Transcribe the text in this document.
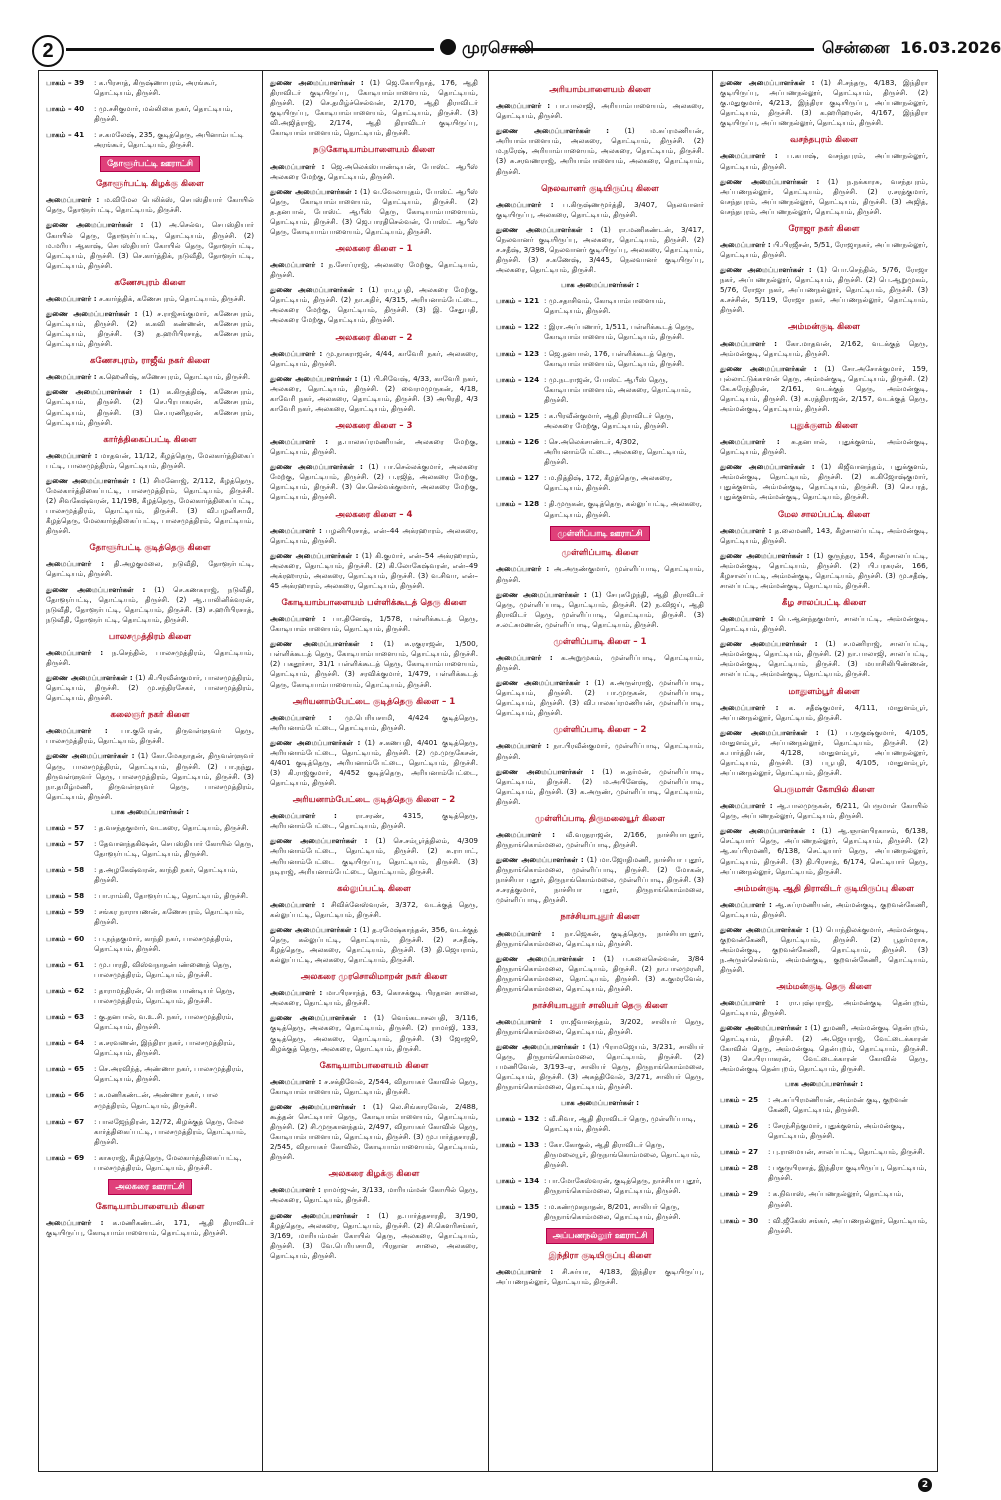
2	முரசொலி	சென்னை 16.03.2026
பாகம் – 39	: க.பிரசாத், கிருஷ்ணாபுரம், அரங்கூர், தொட்டியம், திருச்சி.
பாகம் – 40	: மு.சசிகுமார், மல்லிகை நகர், தொட்டியம், திருச்சி.
பாகம் – 41	: ச.கமலேஷ், 235, குடித்தெரு, அபினாம்பட்டி அரங்கூர், தொட்டியம், திருச்சி.
தோளூர்பட்டி ஊராட்சி
தோளூர்பட்டி கிழக்கு கிளை

அமைப்பாளர் : ம.விமேல பெலிக்ஸ், செபஸ்தியார் கோயில் தெரு, தோளூர்பட்டி, தொட்டியம், திருச்சி.

துணை அமைப்பாளர்கள் : (1) அ.செல்வ, செபஸ்தியார் கோயில் தெரு, தோளூர்ப்பட்டி, தொட்டியம், திருச்சி. (2) ம.மரிய ஆகாஷ், செபஸ்தியார் கோயில் தெரு, தோளூர்பட்டி, தொட்டியம், திருச்சி. (3) செ.கார்த்திக், நடுவீதி, தோளூர்பட்டி, தொட்டியம், திருச்சி.

கணேசபுரம் கிளை

அமைப்பாளர் : ச.கார்த்திக், கணேசபுரம், தொட்டியம், திருச்சி.

துணை அமைப்பாளர்கள் : (1) ச.ராஜ்சங்குமார், கணேசபுரம், தொட்டியம், திருச்சி. (2) க.கவி கண்ணன், கணேசபுரம், தொட்டியம், திருச்சி. (3) த.ஹரிபிரசாத், கணேசபுரம், தொட்டியம், திருச்சி.

கணேசபுரம், ராஜீவ் நகர் கிளை

அமைப்பாளர் : க.ஹெனிஷ், கணேசபுரம், தொட்டியம், திருச்சி.

துணை அமைப்பாளர்கள் : (1) க.கிருத்திஷ், கணேசபுரம், தொட்டியம், திருச்சி. (2) செ.பிரபாகரன், கணேசபுரம், தொட்டியம், திருச்சி. (3) செ.பரணிதரன், கணேசபுரம், தொட்டியம், திருச்சி.

கார்த்திகைப்பட்டி கிளை

அமைப்பாளர் : மாதவன், 11/12, கீழத்தெரு, மேலகார்த்திகைப் பட்டி, பாலசமுத்திரம், தொட்டியம், திருச்சி.

துணை அமைப்பாளர்கள் : (1) சிமனோஜ், 2/112, கீழத்தெரு, மேலகார்த்திகைப்பட்டி, பாலசமுத்திரம், தொட்டியம், திருச்சி. (2) சிவகேஷ்வரன், 11/198, கீழத்தெரு, மேலகார்த்திகைப்பட்டி, பாலசமுத்திரம், தொட்டியம், திருச்சி. (3) வி.பழனிசாமி, கீழத்தெரு, மேலகார்த்திகைப்பட்டி, பாலசமுத்திரம், தொட்டியம், திருச்சி.

தோளூர்பட்டி குடித்தெரு கிளை

அமைப்பாளர் : தி.அழகுமலை, நடுவீதி, தோளூர்பட்டி, தொட்டியம், திருச்சி.

துணை அமைப்பாளர்கள் : (1) செ.கணகராஜ், நடுவீதி, தோளூர்பட்டி, தொட்டியம், திருச்சி. (2) ஆ.பாலினிக்வரன், நடுவீதி, தோளூர்பட்டி, தொட்டியம், திருச்சி. (3) ச.ஹரிபிரசாத், நடுவீதி, தோளூர்பட்டி, தொட்டியம், திருச்சி.

பாலசமுத்திரம் கிளை

அமைப்பாளர் : ந.செந்தில், பாலசமுத்திரம், தொட்டியம், திருச்சி.

துணை அமைப்பாளர்கள் : (1) கி.பிரவீன்குமார், பாலசமுத்திரம், தொட்டியம், திருச்சி. (2) மு.சந்திரசேகர், பாலசமுத்திரம், தொட்டியம், திருச்சி.

கலைஞர் நகர் கிளை

அமைப்பாளர் : பா.குபேரன், திருவள்ளுவர் தெரு, பாலசமுத்திரம், தொட்டியம், திருச்சி.

துணை அமைப்பாளர்கள் : (1) கோ.மேகநாதன், திருவள்ளுவர் தெரு, பாலசமுத்திரம், தொட்டியம், திருச்சி. (2) பா.நந்து, திருவள்ளுவர் தெரு, பாலசமுத்திரம், தொட்டியம், திருச்சி. (3) நா.தமிழ்மணி, திருவள்ளுவர் தெரு, பாலசமுத்திரம், தொட்டியம், திருச்சி.

பாக அமைப்பாளர்கள் :
பாகம் – 57	: த.வசந்தகுமார், வடகரை, தொட்டியம், திருச்சி.
பாகம் – 57	: தேவானந்தகிஷன், செபஸ்தியார் கோயில் தெரு, தோளூர்பட்டி, தொட்டியம், திருச்சி.
பாகம் – 58	: த.அழகேஷ்வரன், காந்தி நகர், தொட்டியம், திருச்சி.
பாகம் – 58	: பா.ராம்கி, தோளூர்பட்டி, தொட்டியம், திருச்சி.
பாகம் – 59	: சங்கர நாராயணன், கணேசபுரம், தொட்டியம், திருச்சி.
பாகம் – 60	: ப.நந்தகுமார், காந்தி நகர், பாலசமுத்திரம், தொட்டியம், திருச்சி.
பாகம் – 61	: மு.பாரதி, விஸ்வநாதன்பண்ணைத் தெரு, பாலசமுத்திரம், தொட்டியம், திருச்சி.
பாகம் – 62	: தாராமந்திரன், பொற்கை பாண்டியர் தெரு, பாலசமுத்திரம், தொட்டியம், திருச்சி.
பாகம் – 63	: கு.தனபால், வ.உ.சி. நகர், பாலசமுத்திரம், தொட்டியம், திருச்சி.
பாகம் – 64	: க.சரவணன், இந்திரா நகர், பாலசமுத்திரம், தொட்டியம், திருச்சி.
பாகம் – 65	: செ.அரவிந்த், அண்ணா நகர், பாலசமுத்திரம், தொட்டியம், திருச்சி.
பாகம் – 66	: க.மணிகண்டன், அண்ணா நகர், பால சமுத்திரம், தொட்டியம், திருச்சி.
பாகம் – 67	: பாலஜேந்திரன், 12/72, கிழக்குத் தெரு, மேல கார்த்திகைப்பட்டி, பாலசமுத்திரம், தொட்டியம், திருச்சி.
பாகம் – 69	: காசுராஜ், கீழத்தெரு, மேலகார்த்திகைப்பட்டி, பாலசமுத்திரம், தொட்டியம், திருச்சி.
அலகரை ஊராட்சி
கோடியாம்பாளையம் கிளை

அமைப்பாளர் : க.மணிகண்டன், 171, ஆதி திராவிடர் குடியிருப்பு, கோடியாம்பாளையம், தொட்டியம், திருச்சி.

துணை அமைப்பாளர்கள் : (1) ஜெ.கோபிநாத், 176, ஆதி திராவிடர் குடியிருப்பு, கோடியாம்பாளையம், தொட்டியம், திருச்சி. (2) செ.தமிழ்ச்செல்வன், 2/170, ஆதி திராவிடர் குடியிருப்பு, கோடியாம்பாளையம், தொட்டியம், திருச்சி. (3) வி.அஜித்ராஜ், 2/174, ஆதி திராவிடர் குடியிருப்பு, கோடியாம்பாளையம், தொட்டியம், திருச்சி.

நடுகோடியாம்பாளையம் கிளை

அமைப்பாளர் : ஜெ.அலெக்ஸ்பாண்டியன், போஸ்ட் ஆபீஸ் அலகரை மேற்கு, தொட்டியம், திருச்சி.

துணை அமைப்பாளர்கள் : (1) வ.வேலாயுதம், போஸ்ட் ஆபீஸ் தெரு, கோடியாம்பாளையம், தொட்டியம், திருச்சி. (2) த.தனபால், போஸ்ட் ஆபீஸ் தெரு, கோடியாம்பாளையம், தொட்டியம், திருச்சி. (3) ஜெ.பாரதிசெல்வன், போஸ்ட் ஆபீஸ் தெரு, கோடியாம்பாளையம், தொட்டியம், திருச்சி.

அலகரை கிளை – 1

அமைப்பாளர் : ந.சோப்ராஜ், அலகரை மேற்கு, தொட்டியம், திருச்சி.

துணை அமைப்பாளர்கள் : (1) ரா.பூபதி, அலகரை மேற்கு, தொட்டியம், திருச்சி. (2) நா.கதிர், 4/315, அரியனாம்பேட்டை, அலகரை மேற்கு, தொட்டியம், திருச்சி. (3) இ. சேதுபதி, அலகரை மேற்கு, தொட்டியம், திருச்சி.

அலகரை கிளை – 2

அமைப்பாளர் : மு.நாகராஜன், 4/44, காவேரி நகர், அலகரை, தொட்டியம், திருச்சி.

துணை அமைப்பாளர்கள் : (1) பி.சிவேஷ், 4/33, காவேரி நகர், அலகரை, தொட்டியம், திருச்சி. (2) வைரமமுருகன், 4/18, காவேரி நகர், அலகரை, தொட்டியம், திருச்சி. (3) அபிரதி, 4/3 காவேரி நகர், அலகரை, தொட்டியம், திருச்சி.

அலகரை கிளை – 3

அமைப்பாளர் : த.பாலசுப்ரமணியன், அலகரை மேற்கு, தொட்டியம், திருச்சி.

துணை அமைப்பாளர்கள் : (1) பா.செல்லக்குமார், அலகரை மேற்கு, தொட்டியம், திருச்சி. (2) ப.ரஜித், அலகரை மேற்கு, தொட்டியம், திருச்சி. (3) செ.செல்வக்குமார், அலகரை மேற்கு, தொட்டியம், திருச்சி.

அலகரை கிளை – 4

அமைப்பாளர் : பழனிபிரசாத், என்–44 அக்ரஹாரம், அலகரை, தொட்டியம், திருச்சி.

துணை அமைப்பாளர்கள் : (1) கி.குமார், என்–54 அக்ரஹாரம், அலகரை, தொட்டியம், திருச்சி. (2) கி.லோகேஷ்வரன், என்–49 அக்ரஹாரம், அலகரை, தொட்டியம், திருச்சி. (3) வ.சிவா, என்–45 அக்ரஹாரம், அலகரை, தொட்டியம், திருச்சி.

கோடியாம்பாளையம் பள்ளிக்கூடத் தெரு கிளை

அமைப்பாளர் : பா.தினேஷ், 1/578, பள்ளிக்கூடத் தெரு, கோடியாம்பாளையம், தொட்டியம், திருச்சி.

துணை அமைப்பாளர்கள் : (1) சு.ரகுராஜன், 1/500, பள்ளிக்கூடத் தெரு, கோடியாம்பாளையம், தொட்டியம், திருச்சி. (2) பகதூர்சா, 31/1 பள்ளிக்கூடத் தெரு, கோடியாம்பாளையம், தொட்டியம், திருச்சி. (3) சரவிக்குமார், 1/479, பள்ளிக்கூடத் தெரு, கோடியாம்பாளையம், தொட்டியம், திருச்சி.

அரியனாம்பேட்டை குடித்தெரு கிளை – 1

அமைப்பாளர் : மு.பெரியசாமி, 4/424 குடித்தெரு, அரியனாம்பேட்டை, தொட்டியம், திருச்சி.

துணை அமைப்பாளர்கள் : (1) ச.கணபதி, 4/401 குடித்தெரு, அரியனாம்பேட்டை, தொட்டியம், திருச்சி. (2) மு.முருகேசன், 4/401 குடித்தெரு, அரியனாம்பேட்டை, தொட்டியம், திருச்சி. (3) கி.ராஜ்குமார், 4/452 குடித்தெரு, அரியனாம்பேட்டை, தொட்டியம், திருச்சி.

அரியனாம்பேட்டை குடித்தெரு கிளை – 2

அமைப்பாளர் :	ரா.சரண், 4315, குடித்தெரு, அரியனாம்பேட்டை, தொட்டியம், திருச்சி.

துணை அமைப்பாளர்கள் : (1) செ.சம்பூர்த்திலம், 4/309 அரியனாம்பேட்டை, தொட்டியம், திருச்சி. (2) சு.ராபாட், அரியனாம்பேட்டை குடியிருப்பு, தொட்டியம், திருச்சி. (3) நடிராஜ், அரியனாம்பேட்டை, தொட்டியம், திருச்சி.

கல்லுப்பட்டி கிளை

அமைப்பாளர் : சிவிக்னேஸ்வரன், 3/372, வடக்குத் தெரு, கல்லுப்பட்டி, தொட்டியம், திருச்சி.

துணை அமைப்பாளர்கள் : (1) த.ரமேஷ்காந்தன், 356, வடக்குத் தெரு, கல்லுப்பட்டி, தொட்டியம், திருச்சி. (2) ச.சதீஷ், கீழத்தெரு, அலகரை, தொட்டியம், திருச்சி. (3) தி.ஜெயராம், கல்லுப்பட்டி, அலகரை, தொட்டியம், திருச்சி.

அலகரை முரசொலிமாறன் நகர் கிளை

அமைப்பாளர் : மா.பிரசாந்த், 63, கொசக்குடி பிரதான சாலை, அலகரை, தொட்டியம், திருச்சி.

துணை அமைப்பாளர்கள் : (1) வெங்கடாசலபதி, 3/116, குடித்தெரு, அலகரை, தொட்டியம், திருச்சி. (2) ராமர்ஜி, 133, குடித்தெரு, அலகரை, தொட்டியம், திருச்சி. (3) ஜோஜூ, கிழக்குத் தெரு, அலகரை, தொட்டியம், திருச்சி.

கோடியாம்பாளையம் கிளை

அமைப்பாளர் : ச.சக்திவேல், 2/544, விநாயகர் கோவில் தெரு, கோடியாம்பாளையம், தொட்டியம், திருச்சி.

துணை அமைப்பாளர்கள் : (1) லெ.சிங்காரவேல், 2/488, கூத்தன் செட்டியார் தெரு, கோடியாம்பாளையம், தொட்டியம், திருச்சி. (2) சி.முருகானந்தம், 2/497, விநாயகர் கோவில் தெரு, கோடியாம்பாளையம், தொட்டியம், திருச்சி. (3) மு.பார்த்தசாரதி, 2/545, விநாயகர் கோவில், கோடியாம்பாளையம், தொட்டியம், திருச்சி.

அலகரை கிழக்கு கிளை

அமைப்பாளர் : ராமர்ஜுன், 3/133, மாரியம்மன் கோயில் தெரு, அலகரை, தொட்டியம், திருச்சி.

துணை அமைப்பாளர்கள் : (1) த.பார்த்தசாரதி, 3/190, கீழத்தெரு, அலகரை, தொட்டியம், திருச்சி. (2) சி.கௌரிசங்கர், 3/169, மாரியம்மன் கோயில் தெரு, அலகரை, தொட்டியம், திருச்சி. (3) வே.பெரியசாமி, பிரதான சாலை, அலகரை, தொட்டியம், திருச்சி.

அரியாம்பாளையம் கிளை

அமைப்பாளர் : பா.பாலாஜி, அரியாம்பாளையம், அலகரை, தொட்டியம், திருச்சி.

துணை அமைப்பாளர்கள் : (1) ம.சுப்ரமணியன், அரியாம்பாளையம், அலகரை, தொட்டியம், திருச்சி. (2) ம.நரேஷ், அரியாம்பாளையம், அலகரை, தொட்டியம், திருச்சி. (3) சு.சரவணராஜ், அரியாம்பாளையம், அலகரை, தொட்டியம், திருச்சி.

நெலவானர் குடியிருப்பு கிளை

அமைப்பாளர் : ப.கிருஷ்ணமூர்த்தி, 3/407, நெலவானர் குடியிருப்பு, அலகரை, தொட்டியம், திருச்சி.

துணை அமைப்பாளர்கள் : (1) ரா.மணிகண்டன், 3/417, நெலவானர் குடியிருப்பு, அலகரை, தொட்டியம், திருச்சி. (2) ச.சதீஷ், 3/398, நெலவானர் குடியிருப்பு, அலகரை, தொட்டியம், திருச்சி. (3) ச.கணேஷ், 3/445, நெலவானர் குடியிருப்பு, அலகரை, தொட்டியம், திருச்சி.

பாக அமைப்பாளர்கள் :
பாகம் – 121 : மு.சதாசிவம், கோடியாம்பாளையம், தொட்டியம், திருச்சி.
பாகம் – 122 : இரா.அப்பணார், 1/511, பள்ளிக்கூடத் தெரு, கோடியாம்பாளையம், தொட்டியம், திருச்சி.
பாகம் – 123 : ஜெ.தனபால், 176, பள்ளிக்கூடத் தெரு, கோடியாம்பாளையம், தொட்டியம், திருச்சி.
பாகம் – 124 : மு.நடராஜன், போஸ்ட் ஆபீஸ் தெரு, கோடியாம்பாளையம், அலகரை, தொட்டியம், திருச்சி.
பாகம் – 125 : க.பிரவீன்குமார், ஆதி திராவிடர் தெரு, அலகரை மேற்கு, தொட்டியம், திருச்சி.
பாகம் – 126 : செ.அலெக்சாண்டர், 4/302, அரியனாம்பேட்டை, அலகரை, தொட்டியம், திருச்சி.
பாகம் – 127 : ம.நித்திஷ், 172, கீழத்தெரு, அலகரை, தொட்டியம், திருச்சி.
பாகம் – 128 : தி.முருகன், குடித்தெரு, கல்லுப்பட்டி, அலகரை, தொட்டியம், திருச்சி.
முள்ளிப்பாடி ஊராட்சி
முள்ளிப்பாடி கிளை

அமைப்பாளர் : அ.அருண்குமார், முள்ளிப்பாடி, தொட்டியம், திருச்சி.

துணை அமைப்பாளர்கள் : (1) சேபுகழேந்தி, ஆதி திராவிடர் தெரு, முள்ளிப்பாடி, தொட்டியம், திருச்சி. (2) ந.விஜய், ஆதி திராவிடர் தெரு, முள்ளிப்பாடி, தொட்டியம், திருச்சி. (3) ச.லட்சுமணன், முள்ளிப்பாடி, தொட்டியம், திருச்சி.

முள்ளிப்பாடி கிளை – 1

அமைப்பாளர் : க.அறுமுகம், முள்ளிப்பாடி, தொட்டியம், திருச்சி.

துணை அமைப்பாளர்கள் : (1) க.அருள்ராஜ், முள்ளிப்பாடி, தொட்டியம், திருச்சி. (2) பா.முருகன், முள்ளிப்பாடி, தொட்டியம், திருச்சி. (3) வி.பாலசுப்ரமணியன், முள்ளிப்பாடி, தொட்டியம், திருச்சி.

முள்ளிப்பாடி கிளை – 2

அமைப்பாளர் : நா.பிரவீன்குமார், முள்ளிப்பாடி, தொட்டியம், திருச்சி.

துணை அமைப்பாளர்கள் : (1) சு.தர்மன், முள்ளிப்பாடி, தொட்டியம், திருச்சி. (2) ம.அபினேஷ், முள்ளிப்பாடி, தொட்டியம், திருச்சி. (3) க.அருண், முள்ளிப்பாடி, தொட்டியம், திருச்சி.

முள்ளிப்பாடி திருமலையூர் கிளை

அமைப்பாளர் : வீ.வரதராஜன், 2/166, நாச்சியாபுதூர், திருநாங்கொம்மலை, முள்ளிப்பாடி, திருச்சி.

துணை அமைப்பாளர்கள் : (1) மா.ஜோதிமணி, நாச்சியா புதூர், திருநாங்கொம்மலை, முள்ளிப்பாடி, திருச்சி. (2) மோகன், நாச்சியா புதூர், திருநாங்கொம்மலை, முள்ளிப்பாடி, திருச்சி. (3) ச.சரத்குமார், நாச்சியா புதூர், திருநாங்கொம்மலை, முள்ளிப்பாடி, திருச்சி.

நாச்சியாபுதூர் கிளை

அமைப்பாளர் : நா.ஜெகன், குடித்தெரு, நாச்சியாபுதூர், திருநாங்கொம்மலை, தொட்டியம், திருச்சி.

துணை அமைப்பாளர்கள் : (1) ப.கலைசெல்வன், 3/84 திருநாங்கொம்மலை, தொட்டியம், திருச்சி. (2) நா.பாலமுரளி, திருநாங்கொம்மலை, தொட்டியம், திருச்சி. (3) க.குமரவேல், திருநாங்கொம்மலை, தொட்டியம், திருச்சி.

நாச்சியாபுதூர் சாலியர் தெரு கிளை

அமைப்பாளர் : ரா.ஜீவானந்தம், 3/202, சாலியர் தெரு, திருநாங்கொம்மலை, தொட்டியம், திருச்சி.

துணை அமைப்பாளர்கள் : (1) பிராமஜெயம், 3/231, சாலியர் தெரு, திருநாங்கொம்மலை, தொட்டியம், திருச்சி. (2) பமணிவேல், 3/193–ஏ, சாலியர் தெரு, திருநாங்கொம்மலை, தொட்டியம், திருச்சி. (3) அசுத்திவேல், 3/271, சாலியர் தெரு, திருநாங்கொம்மலை, தொட்டியம், திருச்சி.

பாக அமைப்பாளர்கள் :
பாகம் – 132 : வீ.சிவா, ஆதி திராவிடர் தெரு, முள்ளிப்பாடி, தொட்டியம், திருச்சி.
பாகம் – 133 : கோ.கோகுல், ஆதி திராவிடர் தெரு, திருமலையூர், திருநாங்கொம்மலை, தொட்டியம், திருச்சி.
பாகம் – 134 : பா.மோகேஸ்வரன், குடித்தெரு, நாச்சியா புதூர், திருநாங்கொம்மலை, தொட்டியம், திருச்சி.
பாகம் – 135 : ம.கண்முகநாதன், 8/201, சாலியர் தெரு, திருநாங்கொம்மலை, தொட்டியம், திருச்சி.
அப்பணநல்லூர் ஊராட்சி
இந்திரா குடியிருப்பு கிளை

அமைப்பாளர் : சி.சுர்யா, 4/183, இந்திரா குடியிருப்பு, அப்பணநல்லூர், தொட்டியம், திருச்சி.

துணை அமைப்பாளர்கள் : (1) சி.சந்தரு, 4/183, இந்திரா குடியிருப்பு, அப்பணநல்லூர், தொட்டியம், திருச்சி. (2) கு.மதுகுமார், 4/213, இந்திரா குடியிருப்பு, அப்பணநல்லூர், தொட்டியம், திருச்சி. (3) க.ஹரிஹரன், 4/167, இந்திரா குடியிருப்பு, அப்பணநல்லூர், தொட்டியம், திருச்சி.

வசந்தபுரம் கிளை

அமைப்பாளர் : ப.கபாஷ், வசந்தபுரம், அப்பணநல்லூர், தொட்டியம், திருச்சி.

துணை அமைப்பாளர்கள் : (1) ந.நக்காரசு, வசந்தபுரம், அப்பணநல்லூர், தொட்டியம், திருச்சி. (2) ர.சரத்குமார், வசந்தபுரம், அப்பணநல்லூர், தொட்டியம், திருச்சி. (3) அஜித், வசந்தபுரம், அப்பணநல்லூர், தொட்டியம், திருச்சி.

ரோஜா நகர் கிளை

அமைப்பாளர் : பி.பிரஜீசன், 5/51, ரோஜாநகர், அப்பணநல்லூர், தொட்டியம், திருச்சி.

துணை அமைப்பாளர்கள் : (1) பொ.செந்தில், 5/76, ரோஜா நகர், அப்பணநல்லூர், தொட்டியம், திருச்சி. (2) பெ.ஆறுமுகம், 5/76, ரோஜா நகர், அப்பணநல்லூர், தொட்டியம், திருச்சி. (3) க.சச்சின், 5/119, ரோஜா நகர், அப்பணநல்லூர், தொட்டியம், திருச்சி.

அம்மன்குடி கிளை

அமைப்பாளர் : கோ.மாதவன், 2/162, வடக்குத் தெரு, அம்மன்குடி, தொட்டியம், திருச்சி.

துணை அமைப்பாளர்கள் : (1) சோ.அசோக்குமார், 159, புல்லாட்டுக்காளன் தெரு, அம்மன்குடி, தொட்டியம், திருச்சி. (2) கே.சுரேந்திரன், 2/161, வடக்குத் தெரு, அம்மன்குடி, தொட்டியம், திருச்சி. (3) க.ரத்திராஜன், 2/157, வடக்குத் தெரு, அம்மன்குடி, தொட்டியம், திருச்சி.

புதுக்குளம் கிளை

அமைப்பாளர் : சு.தனபால், புதுக்குளம், அம்மன்குடி, தொட்டியம், திருச்சி.

துணை அமைப்பாளர்கள் : (1) கிஜீவானந்தம், புதுக்குளம், அம்மன்குடி, தொட்டியம், திருச்சி. (2) க.கிஜோஷ்குமார், புதுக்குளம், அம்மன்குடி, தொட்டியம், திருச்சி. (3) செ.பரத், புதுக்குளம், அம்மன்குடி, தொட்டியம், திருச்சி.

மேல சாலப்பட்டி கிளை

அமைப்பாளர் : த.லைமணி, 143, கீழசாலப்பட்டி, அம்மன்குடி, தொட்டியம், திருச்சி.

துணை அமைப்பாளர்கள் : (1) குருந்தர, 154, கீழசாலப்பட்டி, அம்மன்குடி, தொட்டியம், திருச்சி. (2) பி.பரசுரன், 166, கீழசாலப்பட்டி, அம்மன்குடி, தொட்டியம், திருச்சி. (3) மு.சதீஷ், சாலப்பட்டி, அம்மன்குடி, தொட்டியம், திருச்சி.

கீழ சாலப்பட்டி கிளை

அமைப்பாளர் : பெ.ஆனந்தகுமார், சாலப்பட்டி, அம்மன்குடி, தொட்டியம், திருச்சி.

துணை அமைப்பாளர்கள் : (1) ச.மணிராஜ், சாலப்பட்டி, அம்மன்குடி, தொட்டியம், திருச்சி. (2) நா.பாலாஜி, சாலப்பட்டி, அம்மன்குடி, தொட்டியம், திருச்சி. (3) மயாசிலிபிண்ணன், சாலப்பட்டி, அம்மன்குடி, தொட்டியம், திருச்சி.

மாதுளம்பூர் கிளை

அமைப்பாளர் : க. சதீஷ்குமார், 4/111, மாதுளம்பூர், அப்பணநல்லூர், தொட்டியம், திருச்சி.

துணை அமைப்பாளர்கள் : (1) ப.ருகுஷ்குமார், 4/105, மாதுளம்பூர், அப்பணநல்லூர், தொட்டியம், திருச்சி. (2) சு.பார்த்திபன், 4/128, மாதுளம்பூர், அப்பணநல்லூர், தொட்டியம், திருச்சி. (3) பபூபதி, 4/105, மாதுளம்பூர், அப்பணநல்லூர், தொட்டியம், திருச்சி.

பெருமாள் கோயில் கிளை

அமைப்பாளர் : ஆ.பாலமுருகன், 6/211, பெருமாள் கோயில் தெரு, அப்பணநல்லூர், தொட்டியம், திருச்சி.

துணை அமைப்பாளர்கள் : (1) ஆ.ஞானபிரகாசம், 6/138, செட்டியார் தெரு, அப்பணநல்லூர், தொட்டியம், திருச்சி. (2) ஆ.கப்பிரமணி, 6/138, செட்டியார் தெரு, அப்பணநல்லூர், தொட்டியம், திருச்சி. (3) தி.பிரசாத், 6/174, செட்டியார் தெரு, அப்பணநல்லூர், தொட்டியம், திருச்சி.

அம்மன்குடி ஆதி திராவிடர் குடியிருப்பு கிளை

அமைப்பாளர் : ஆ.சுப்ரமணியன், அம்மன்குடி, குறவன்கேணி, தொட்டியம், திருச்சி.

துணை அமைப்பாளர்கள் : (1) பொந்திலக்குமார், அம்மன்குடி, குறவன்கேணி, தொட்டியம், திருச்சி. (2) பூதர்மராசு, அம்மன்குடி, குறவன்கேணி, தொட்டியம், திருச்சி. (3) ந.அருள்செல்வம், அம்மன்குடி, குறவன்கேணி, தொட்டியம், திருச்சி.

அம்மன்குடி தெரு கிளை

அமைப்பாளர் : ரா.புஷ்பராஜ், அம்மன்குடி தென்புறம், தொட்டியம், திருச்சி.

துணை அமைப்பாளர்கள் : (1) துமணி, அம்மன்குடி தென்புறம், தொட்டியம், திருச்சி. (2) அ.ஜெயராஜ், வேட்டைக்காரன் கோவில் தெரு, அம்மன்குடி தென்புறம், தொட்டியம், திருச்சி. (3) செ.பிரபாகரன், வேட்டைக்காரன் கோவில் தெரு, அம்மன்குடி தென்புறம், தொட்டியம், திருச்சி.

பாக அமைப்பாளர்கள் :
பாகம் – 25	: அ.சுப்பிரமணியன், அம்மன் குடி, குறவன் கேணி, தொட்டியம், திருச்சி.
பாகம் – 26	: சேரந்சிந்குமார், புதுக்குளம், அம்மன்குடி, தொட்டியம், திருச்சி.
பாகம் – 27	: பு.ராமையன், சாலப்பட்டி, தொட்டியம், திருச்சி.
பாகம் – 28	: பகுருபிரசாத், இந்திரா குடியிருப்பு, தொட்டியம், திருச்சி.
பாகம் – 29	: க.நிவாஸ், அப்பணநல்லூர், தொட்டியம், திருச்சி.
பாகம் – 30	: வி.ஜீகேஸ் சங்கர், அப்பணநல்லூர், தொட்டியம், திருச்சி.
2
